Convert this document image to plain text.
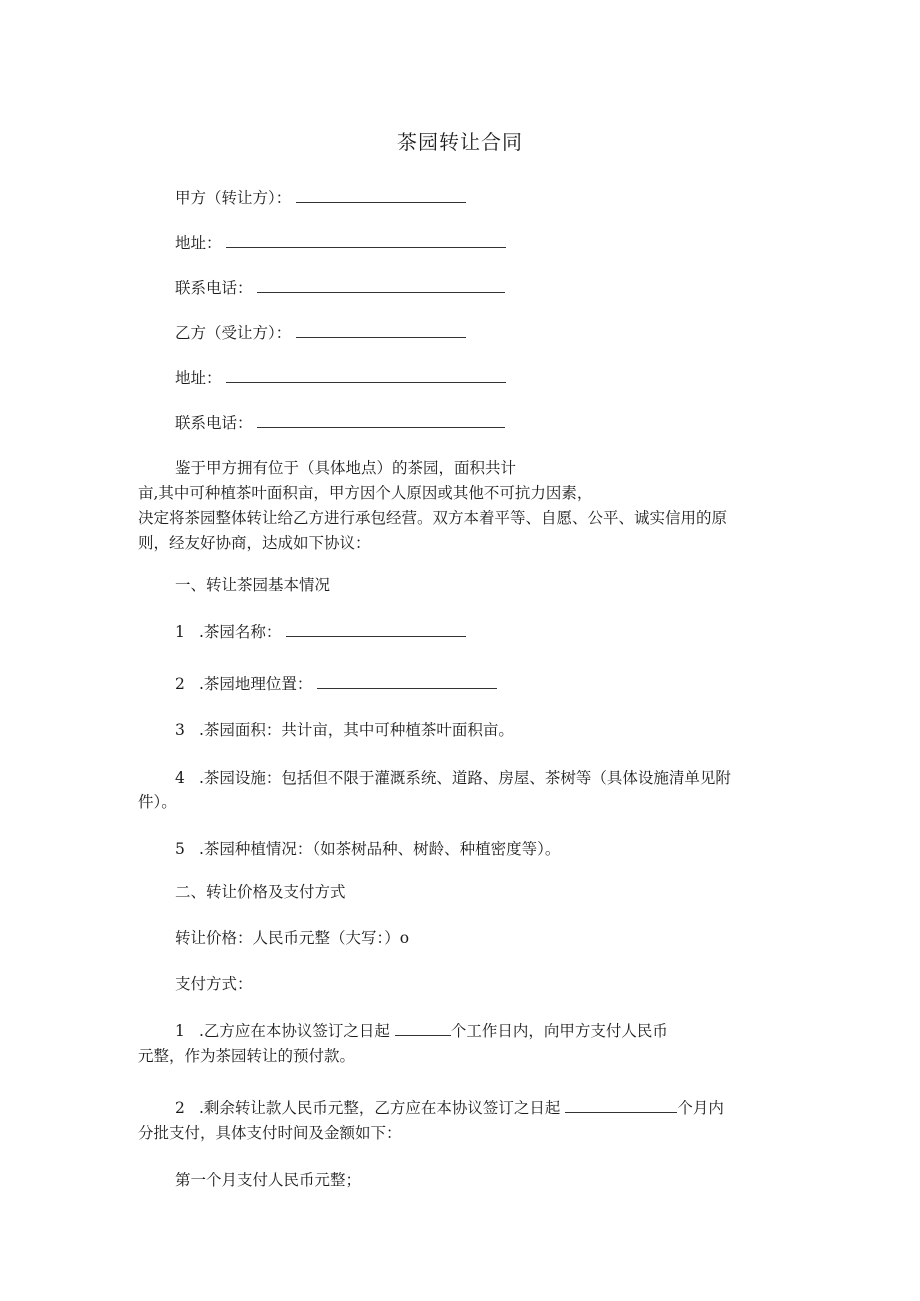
茶园转让合同
甲方（转让方）：
地址：
联系电话：
乙方（受让方）：
地址：
联系电话：
鉴于甲方拥有位于（具体地点）的茶园，面积共计
亩,其中可种植茶叶面积亩，甲方因个人原因或其他不可抗力因素，
决定将茶园整体转让给乙方进行承包经营。双方本着平等、自愿、公平、诚实信用的原
则，经友好协商，达成如下协议：
一、转让茶园基本情况
1 .茶园名称：
2 .茶园地理位置：
3 .茶园面积：共计亩，其中可种植茶叶面积亩。
4 .茶园设施：包括但不限于灌溉系统、道路、房屋、茶树等（具体设施清单见附
件）。
5 .茶园种植情况：（如茶树品种、树龄、种植密度等）。
二、转让价格及支付方式
转让价格：人民币元整（大写：）o
支付方式：
1 .乙方应在本协议签订之日起	个工作日内，向甲方支付人民币
元整，作为茶园转让的预付款。
2 .剩余转让款人民币元整，乙方应在本协议签订之日起	个月内
分批支付，具体支付时间及金额如下：
第一个月支付人民币元整；
